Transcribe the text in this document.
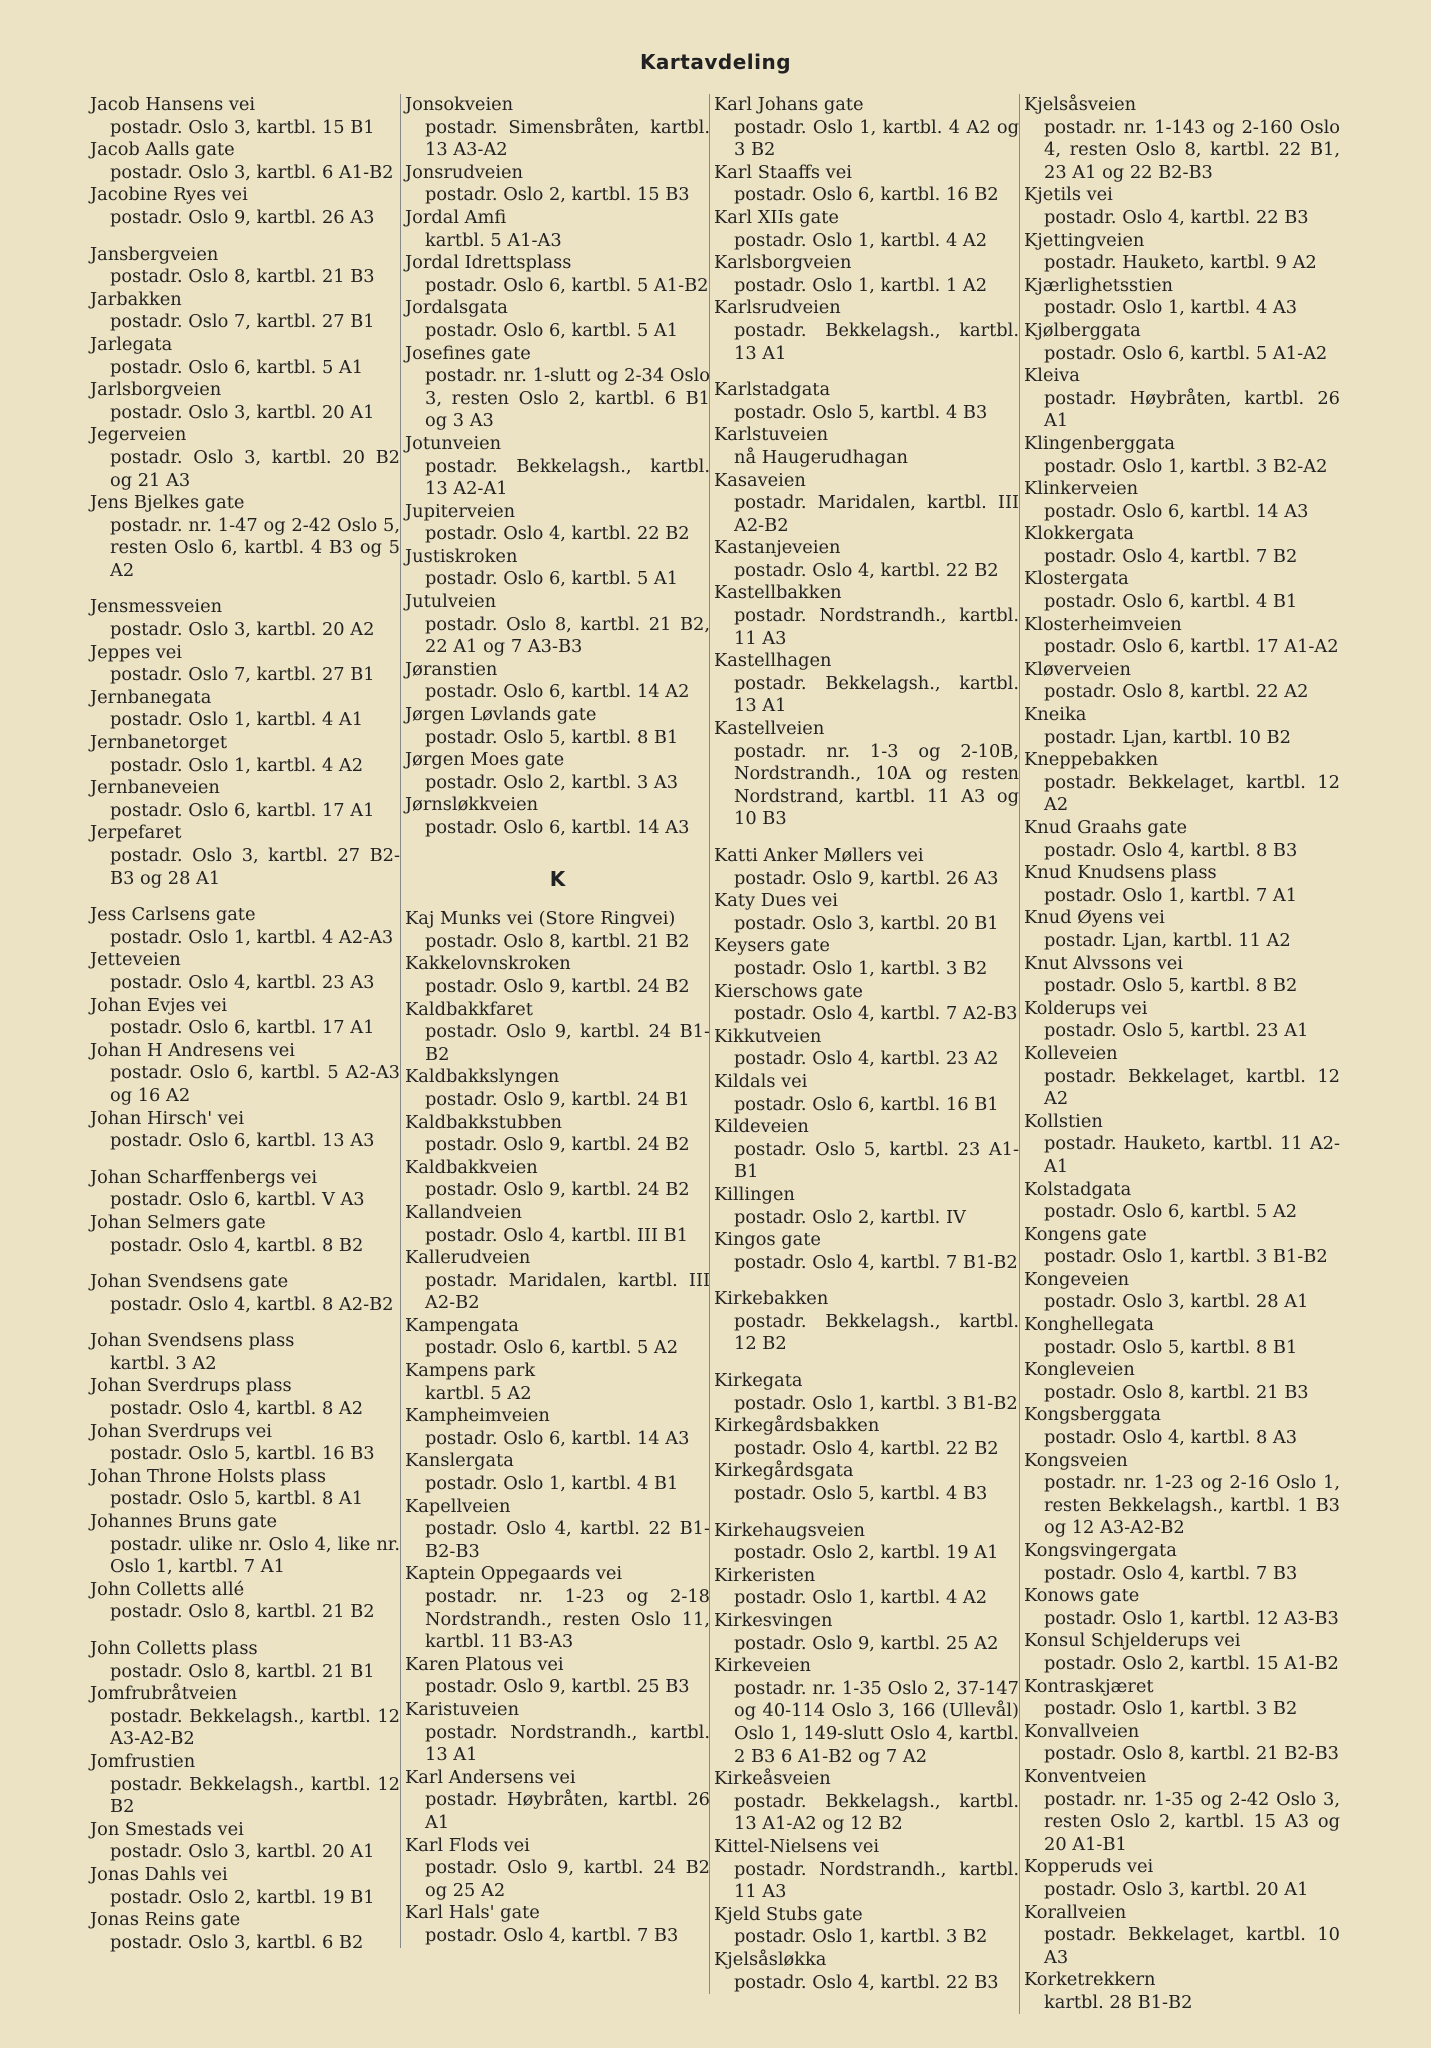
Kartavdeling
Jacob Hansens vei
postadr. Oslo 3, kartbl. 15 B1
Jacob Aalls gate
postadr. Oslo 3, kartbl. 6 A1-B2
Jacobine Ryes vei
postadr. Oslo 9, kartbl. 26 A3
Jansbergveien
postadr. Oslo 8, kartbl. 21 B3
Jarbakken
postadr. Oslo 7, kartbl. 27 B1
Jarlegata
postadr. Oslo 6, kartbl. 5 A1
Jarlsborgveien
postadr. Oslo 3, kartbl. 20 A1
Jegerveien
postadr. Oslo 3, kartbl. 20 B2 og 21 A3
Jens Bjelkes gate
postadr. nr. 1-47 og 2-42 Oslo 5, resten Oslo 6, kartbl. 4 B3 og 5 A2
Jensmessveien
postadr. Oslo 3, kartbl. 20 A2
Jeppes vei
postadr. Oslo 7, kartbl. 27 B1
Jernbanegata
postadr. Oslo 1, kartbl. 4 A1
Jernbanetorget
postadr. Oslo 1, kartbl. 4 A2
Jernbaneveien
postadr. Oslo 6, kartbl. 17 A1
Jerpefaret
postadr. Oslo 3, kartbl. 27 B2-B3 og 28 A1
Jess Carlsens gate
postadr. Oslo 1, kartbl. 4 A2-A3
Jetteveien
postadr. Oslo 4, kartbl. 23 A3
Johan Evjes vei
postadr. Oslo 6, kartbl. 17 A1
Johan H Andresens vei
postadr. Oslo 6, kartbl. 5 A2-A3 og 16 A2
Johan Hirsch' vei
postadr. Oslo 6, kartbl. 13 A3
Johan Scharffenbergs vei
postadr. Oslo 6, kartbl. V A3
Johan Selmers gate
postadr. Oslo 4, kartbl. 8 B2
Johan Svendsens gate
postadr. Oslo 4, kartbl. 8 A2-B2
Johan Svendsens plass
kartbl. 3 A2
Johan Sverdrups plass
postadr. Oslo 4, kartbl. 8 A2
Johan Sverdrups vei
postadr. Oslo 5, kartbl. 16 B3
Johan Throne Holsts plass
postadr. Oslo 5, kartbl. 8 A1
Johannes Bruns gate
postadr. ulike nr. Oslo 4, like nr. Oslo 1, kartbl. 7 A1
John Colletts allé
postadr. Oslo 8, kartbl. 21 B2
John Colletts plass
postadr. Oslo 8, kartbl. 21 B1
Jomfrubråtveien
postadr. Bekkelagsh., kartbl. 12 A3-A2-B2
Jomfrustien
postadr. Bekkelagsh., kartbl. 12 B2
Jon Smestads vei
postadr. Oslo 3, kartbl. 20 A1
Jonas Dahls vei
postadr. Oslo 2, kartbl. 19 B1
Jonas Reins gate
postadr. Oslo 3, kartbl. 6 B2
Jonsokveien
postadr. Simensbråten, kartbl. 13 A3-A2
Jonsrudveien
postadr. Oslo 2, kartbl. 15 B3
Jordal Amfi
kartbl. 5 A1-A3
Jordal Idrettsplass
postadr. Oslo 6, kartbl. 5 A1-B2
Jordalsgata
postadr. Oslo 6, kartbl. 5 A1
Josefines gate
postadr. nr. 1-slutt og 2-34 Oslo 3, resten Oslo 2, kartbl. 6 B1 og 3 A3
Jotunveien
postadr. Bekkelagsh., kartbl. 13 A2-A1
Jupiterveien
postadr. Oslo 4, kartbl. 22 B2
Justiskroken
postadr. Oslo 6, kartbl. 5 A1
Jutulveien
postadr. Oslo 8, kartbl. 21 B2, 22 A1 og 7 A3-B3
Jøranstien
postadr. Oslo 6, kartbl. 14 A2
Jørgen Løvlands gate
postadr. Oslo 5, kartbl. 8 B1
Jørgen Moes gate
postadr. Oslo 2, kartbl. 3 A3
Jørnsløkkveien
postadr. Oslo 6, kartbl. 14 A3
K
Kaj Munks vei (Store Ringvei)
postadr. Oslo 8, kartbl. 21 B2
Kakkelovnskroken
postadr. Oslo 9, kartbl. 24 B2
Kaldbakkfaret
postadr. Oslo 9, kartbl. 24 B1-B2
Kaldbakkslyngen
postadr. Oslo 9, kartbl. 24 B1
Kaldbakkstubben
postadr. Oslo 9, kartbl. 24 B2
Kaldbakkveien
postadr. Oslo 9, kartbl. 24 B2
Kallandveien
postadr. Oslo 4, kartbl. III B1
Kallerudveien
postadr. Maridalen, kartbl. III A2-B2
Kampengata
postadr. Oslo 6, kartbl. 5 A2
Kampens park
kartbl. 5 A2
Kampheimveien
postadr. Oslo 6, kartbl. 14 A3
Kanslergata
postadr. Oslo 1, kartbl. 4 B1
Kapellveien
postadr. Oslo 4, kartbl. 22 B1-B2-B3
Kaptein Oppegaards vei
postadr. nr. 1-23 og 2-18 Nordstrandh., resten Oslo 11, kartbl. 11 B3-A3
Karen Platous vei
postadr. Oslo 9, kartbl. 25 B3
Karistuveien
postadr. Nordstrandh., kartbl. 13 A1
Karl Andersens vei
postadr. Høybråten, kartbl. 26 A1
Karl Flods vei
postadr. Oslo 9, kartbl. 24 B2 og 25 A2
Karl Hals' gate
postadr. Oslo 4, kartbl. 7 B3
Karl Johans gate
postadr. Oslo 1, kartbl. 4 A2 og 3 B2
Karl Staaffs vei
postadr. Oslo 6, kartbl. 16 B2
Karl XIIs gate
postadr. Oslo 1, kartbl. 4 A2
Karlsborgveien
postadr. Oslo 1, kartbl. 1 A2
Karlsrudveien
postadr. Bekkelagsh., kartbl. 13 A1
Karlstadgata
postadr. Oslo 5, kartbl. 4 B3
Karlstuveien
nå Haugerudhagan
Kasaveien
postadr. Maridalen, kartbl. III A2-B2
Kastanjeveien
postadr. Oslo 4, kartbl. 22 B2
Kastellbakken
postadr. Nordstrandh., kartbl. 11 A3
Kastellhagen
postadr. Bekkelagsh., kartbl. 13 A1
Kastellveien
postadr. nr. 1-3 og 2-10B, Nordstrandh., 10A og resten Nordstrand, kartbl. 11 A3 og 10 B3
Katti Anker Møllers vei
postadr. Oslo 9, kartbl. 26 A3
Katy Dues vei
postadr. Oslo 3, kartbl. 20 B1
Keysers gate
postadr. Oslo 1, kartbl. 3 B2
Kierschows gate
postadr. Oslo 4, kartbl. 7 A2-B3
Kikkutveien
postadr. Oslo 4, kartbl. 23 A2
Kildals vei
postadr. Oslo 6, kartbl. 16 B1
Kildeveien
postadr. Oslo 5, kartbl. 23 A1-B1
Killingen
postadr. Oslo 2, kartbl. IV
Kingos gate
postadr. Oslo 4, kartbl. 7 B1-B2
Kirkebakken
postadr. Bekkelagsh., kartbl. 12 B2
Kirkegata
postadr. Oslo 1, kartbl. 3 B1-B2
Kirkegårdsbakken
postadr. Oslo 4, kartbl. 22 B2
Kirkegårdsgata
postadr. Oslo 5, kartbl. 4 B3
Kirkehaugsveien
postadr. Oslo 2, kartbl. 19 A1
Kirkeristen
postadr. Oslo 1, kartbl. 4 A2
Kirkesvingen
postadr. Oslo 9, kartbl. 25 A2
Kirkeveien
postadr. nr. 1-35 Oslo 2, 37-147 og 40-114 Oslo 3, 166 (Ullevål) Oslo 1, 149-slutt Oslo 4, kartbl. 2 B3 6 A1-B2 og 7 A2
Kirkeåsveien
postadr. Bekkelagsh., kartbl. 13 A1-A2 og 12 B2
Kittel-Nielsens vei
postadr. Nordstrandh., kartbl. 11 A3
Kjeld Stubs gate
postadr. Oslo 1, kartbl. 3 B2
Kjelsåsløkka
postadr. Oslo 4, kartbl. 22 B3
Kjelsåsveien
postadr. nr. 1-143 og 2-160 Oslo 4, resten Oslo 8, kartbl. 22 B1, 23 A1 og 22 B2-B3
Kjetils vei
postadr. Oslo 4, kartbl. 22 B3
Kjettingveien
postadr. Hauketo, kartbl. 9 A2
Kjærlighetsstien
postadr. Oslo 1, kartbl. 4 A3
Kjølberggata
postadr. Oslo 6, kartbl. 5 A1-A2
Kleiva
postadr. Høybråten, kartbl. 26 A1
Klingenberggata
postadr. Oslo 1, kartbl. 3 B2-A2
Klinkerveien
postadr. Oslo 6, kartbl. 14 A3
Klokkergata
postadr. Oslo 4, kartbl. 7 B2
Klostergata
postadr. Oslo 6, kartbl. 4 B1
Klosterheimveien
postadr. Oslo 6, kartbl. 17 A1-A2
Kløverveien
postadr. Oslo 8, kartbl. 22 A2
Kneika
postadr. Ljan, kartbl. 10 B2
Kneppebakken
postadr. Bekkelaget, kartbl. 12 A2
Knud Graahs gate
postadr. Oslo 4, kartbl. 8 B3
Knud Knudsens plass
postadr. Oslo 1, kartbl. 7 A1
Knud Øyens vei
postadr. Ljan, kartbl. 11 A2
Knut Alvssons vei
postadr. Oslo 5, kartbl. 8 B2
Kolderups vei
postadr. Oslo 5, kartbl. 23 A1
Kolleveien
postadr. Bekkelaget, kartbl. 12 A2
Kollstien
postadr. Hauketo, kartbl. 11 A2-A1
Kolstadgata
postadr. Oslo 6, kartbl. 5 A2
Kongens gate
postadr. Oslo 1, kartbl. 3 B1-B2
Kongeveien
postadr. Oslo 3, kartbl. 28 A1
Konghellegata
postadr. Oslo 5, kartbl. 8 B1
Kongleveien
postadr. Oslo 8, kartbl. 21 B3
Kongsberggata
postadr. Oslo 4, kartbl. 8 A3
Kongsveien
postadr. nr. 1-23 og 2-16 Oslo 1, resten Bekkelagsh., kartbl. 1 B3 og 12 A3-A2-B2
Kongsvingergata
postadr. Oslo 4, kartbl. 7 B3
Konows gate
postadr. Oslo 1, kartbl. 12 A3-B3
Konsul Schjelderups vei
postadr. Oslo 2, kartbl. 15 A1-B2
Kontraskjæret
postadr. Oslo 1, kartbl. 3 B2
Konvallveien
postadr. Oslo 8, kartbl. 21 B2-B3
Konventveien
postadr. nr. 1-35 og 2-42 Oslo 3, resten Oslo 2, kartbl. 15 A3 og 20 A1-B1
Kopperuds vei
postadr. Oslo 3, kartbl. 20 A1
Korallveien
postadr. Bekkelaget, kartbl. 10 A3
Korketrekkern
kartbl. 28 B1-B2
